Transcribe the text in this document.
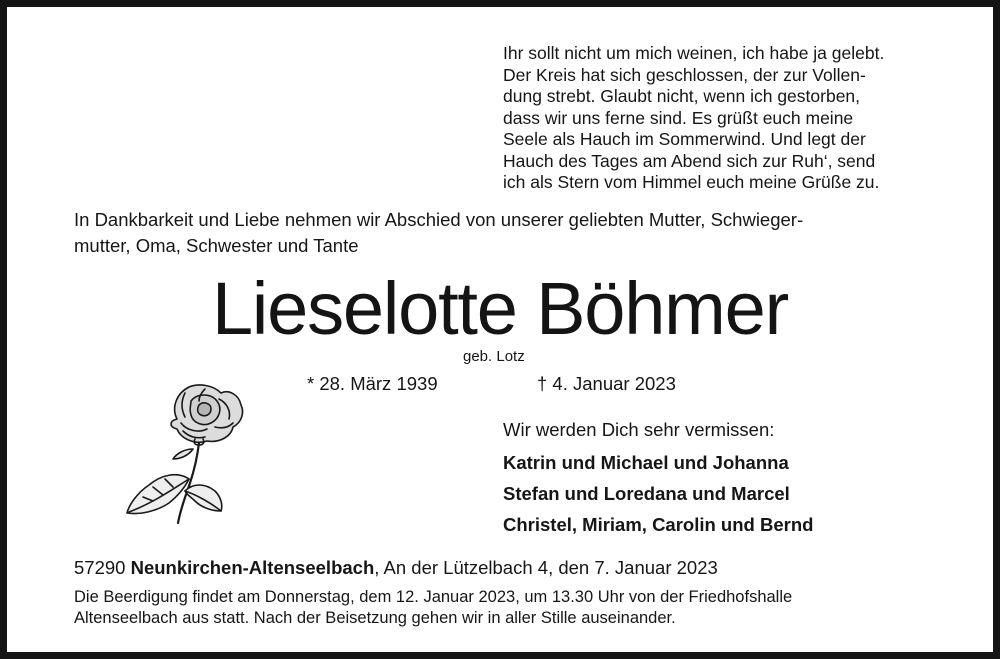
Ihr sollt nicht um mich weinen, ich habe ja gelebt.
Der Kreis hat sich geschlossen, der zur Vollen-
dung strebt. Glaubt nicht, wenn ich gestorben,
dass wir uns ferne sind. Es grüßt euch meine
Seele als Hauch im Sommerwind. Und legt der
Hauch des Tages am Abend sich zur Ruh‘, send
ich als Stern vom Himmel euch meine Grüße zu.
In Dankbarkeit und Liebe nehmen wir Abschied von unserer geliebten Mutter, Schwieger-
mutter, Oma, Schwester und Tante
Lieselotte Böhmer
geb. Lotz
* 28. März 1939	† 4. Januar 2023
Wir werden Dich sehr vermissen:
Katrin und Michael und Johanna
Stefan und Loredana und Marcel
Christel, Miriam, Carolin und Bernd
57290 Neunkirchen-Altenseelbach, An der Lützelbach 4, den 7. Januar 2023
Die Beerdigung findet am Donnerstag, dem 12. Januar 2023, um 13.30 Uhr von der Friedhofshalle
Altenseelbach aus statt. Nach der Beisetzung gehen wir in aller Stille auseinander.
